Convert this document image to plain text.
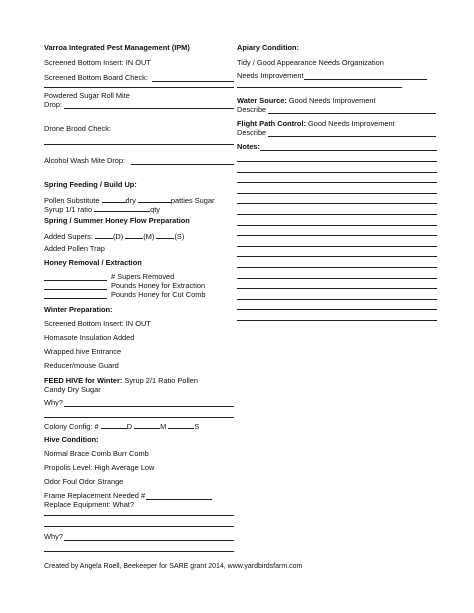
Varroa Integrated Pest Management (IPM)
Screened Bottom Insert: IN OUT
Screened Bottom Board Check:
Powdered Sugar Roll Mite
Drop:
Drone Brood Check:
Alcohol Wash Mite Drop:
Spring Feeding / Build Up:
Pollen Substitute	dry	patties Sugar
Syrup 1/1 ratio	qty
Spring / Summer Honey Flow Preparation
Added Supers:	(D)	(M)	(S)
Added Pollen Trap
Honey Removal / Extraction
# Supers Removed
Pounds Honey for Extraction
Pounds Honey for Cut Comb
Winter Preparation:
Screened Bottom Insert: IN OUT
Homasote Insulation Added
Wrapped hive Entrance
Reducer/mouse Guard
FEED HIVE for Winter: Syrup 2/1 Ratio Pollen
Candy Dry Sugar
Why?
Colony Config: #	D	M	S
Hive Condition:
Normal Brace Comb Burr Comb
Propolis Level: High Average Low
Odor Foul Odor Strange
Frame Replacement Needed #
Replace Equipment: What?
Why?
Apiary Condition:
Tidy / Good Appearance Needs Organization
Needs Improvement
Water Source: Good Needs Improvement
Describe
Flight Path Control: Good Needs Improvement
Describe
Notes:
Created by Angela Roell, Beekeeper for SARE grant 2014, www.yardbirdsfarm.com
